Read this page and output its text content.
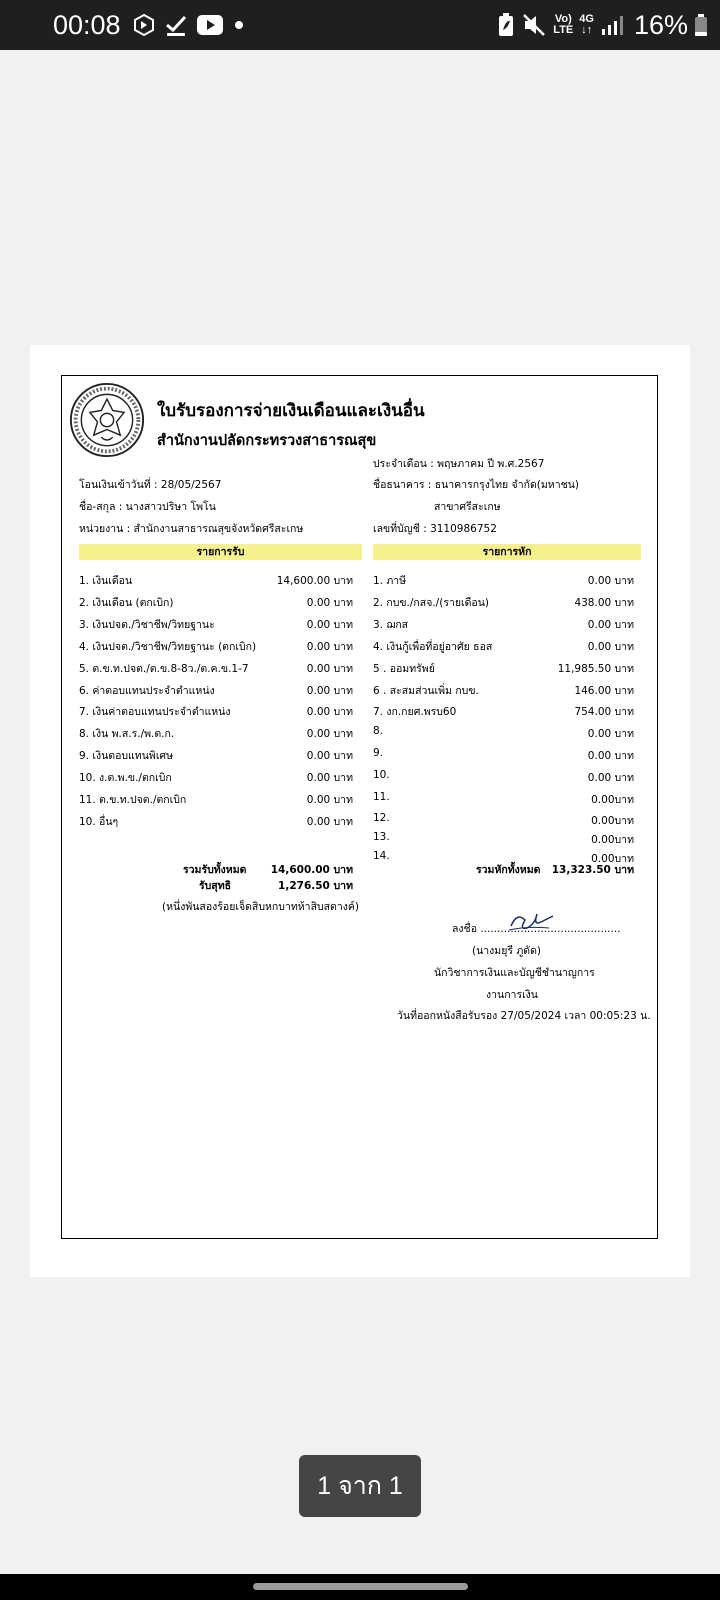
00:08	Vo)
LTE
4G
↓↑ 16%
ใบรับรองการจ่ายเงินเดือนและเงินอื่น
สำนักงานปลัดกระทรวงสาธารณสุข
โอนเงินเข้าวันที่ : 28/05/2567
ชื่อ-สกุล : นางสาวปริษา โพโน
หน่วยงาน : สำนักงานสาธารณสุขจังหวัดศรีสะเกษ
ประจำเดือน : พฤษภาคม ปี พ.ศ.2567
ชื่อธนาคาร : ธนาคารกรุงไทย จำกัด(มหาชน)
สาขาศรีสะเกษ
เลขที่บัญชี : 3110986752
รายการรับ	รายการหัก
1. เงินเดือน	14,600.00 บาท
2. เงินเดือน (ตกเบิก)	0.00 บาท
3. เงินปจต./วิชาชีพ/วิทยฐานะ	0.00 บาท
4. เงินปจต./วิชาชีพ/วิทยฐานะ (ตกเบิก)	0.00 บาท
5. ต.ข.ท.ปจต./ต.ข.8-8ว./ต.ค.ข.1-7	0.00 บาท
6. ค่าตอบแทนประจำตำแหน่ง	0.00 บาท
7. เงินค่าตอบแทนประจำตำแหน่ง	0.00 บาท
8. เงิน พ.ส.ร./พ.ต.ก.	0.00 บาท
9. เงินตอบแทนพิเศษ	0.00 บาท
10. ง.ต.พ.ข./ตกเบิก	0.00 บาท
11. ต.ข.ท.ปจต./ตกเบิก	0.00 บาท
10. อื่นๆ	0.00 บาท
1. ภาษี	0.00 บาท
2. กบข./กสจ./(รายเดือน)	438.00 บาท
3. ฌกส	0.00 บาท
4. เงินกู้เพื่อที่อยู่อาศัย ธอส	0.00 บาท
5 . ออมทรัพย์	11,985.50 บาท
6 . สะสมส่วนเพิ่ม กบข.	146.00 บาท
7. งก.กยศ.พรบ60	754.00 บาท
8.	0.00 บาท
9.	0.00 บาท
10.	0.00 บาท
11.	0.00บาท
12.	0.00บาท
13.	0.00บาท
14.	0.00บาท
รวมรับทั้งหมด 14,600.00 บาท
รับสุทธิ	1,276.50 บาท
(หนึ่งพันสองร้อยเจ็ดสิบหกบาทห้าสิบสตางค์)
รวมหักทั้งหมด 13,323.50 บาท
ลงชื่อ ..........................................
(นางมยุรี ภูดัด)
นักวิชาการเงินและบัญชีชำนาญการ
งานการเงิน
วันที่ออกหนังสือรับรอง 27/05/2024 เวลา 00:05:23 น.
1 จาก 1
